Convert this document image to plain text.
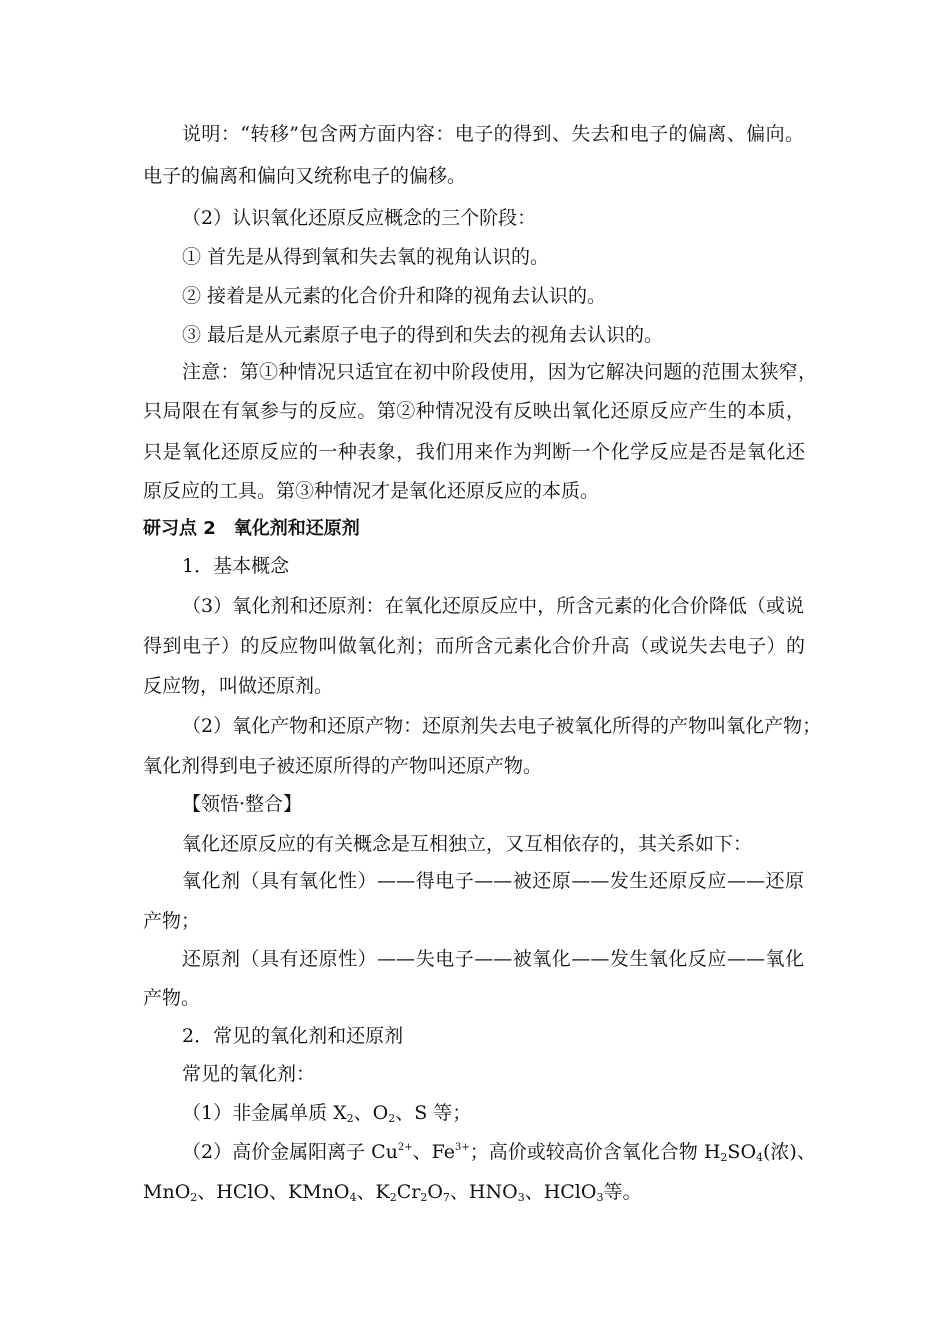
说明：“转移”包含两方面内容：电子的得到、失去和电子的偏离、偏向。
电子的偏离和偏向又统称电子的偏移。
（2）认识氧化还原反应概念的三个阶段：
① 首先是从得到氧和失去氧的视角认识的。
② 接着是从元素的化合价升和降的视角去认识的。
③ 最后是从元素原子电子的得到和失去的视角去认识的。
注意：第①种情况只适宜在初中阶段使用，因为它解决问题的范围太狭窄，
只局限在有氧参与的反应。第②种情况没有反映出氧化还原反应产生的本质，
只是氧化还原反应的一种表象，我们用来作为判断一个化学反应是否是氧化还
原反应的工具。第③种情况才是氧化还原反应的本质。
研习点 2　氧化剂和还原剂
1．基本概念
（3）氧化剂和还原剂：在氧化还原反应中，所含元素的化合价降低（或说
得到电子）的反应物叫做氧化剂；而所含元素化合价升高（或说失去电子）的
反应物，叫做还原剂。
（2）氧化产物和还原产物：还原剂失去电子被氧化所得的产物叫氧化产物；
氧化剂得到电子被还原所得的产物叫还原产物。
【领悟·整合】
氧化还原反应的有关概念是互相独立，又互相依存的，其关系如下：
氧化剂（具有氧化性）——得电子——被还原——发生还原反应——还原
产物；
还原剂（具有还原性）——失电子——被氧化——发生氧化反应——氧化
产物。
2．常见的氧化剂和还原剂
常见的氧化剂：
（1）非金属单质 $X_2$、$O_2$、S 等；
（2）高价金属阳离子 $Cu^{2+}$、$Fe^{3+}$；高价或较高价含氧化合物 $H_2SO_4$(浓)、
MnO$_2$、HClO、KMnO$_4$、$K_2Cr_2O_7$、$HNO_3$、HClO$_3$等。
